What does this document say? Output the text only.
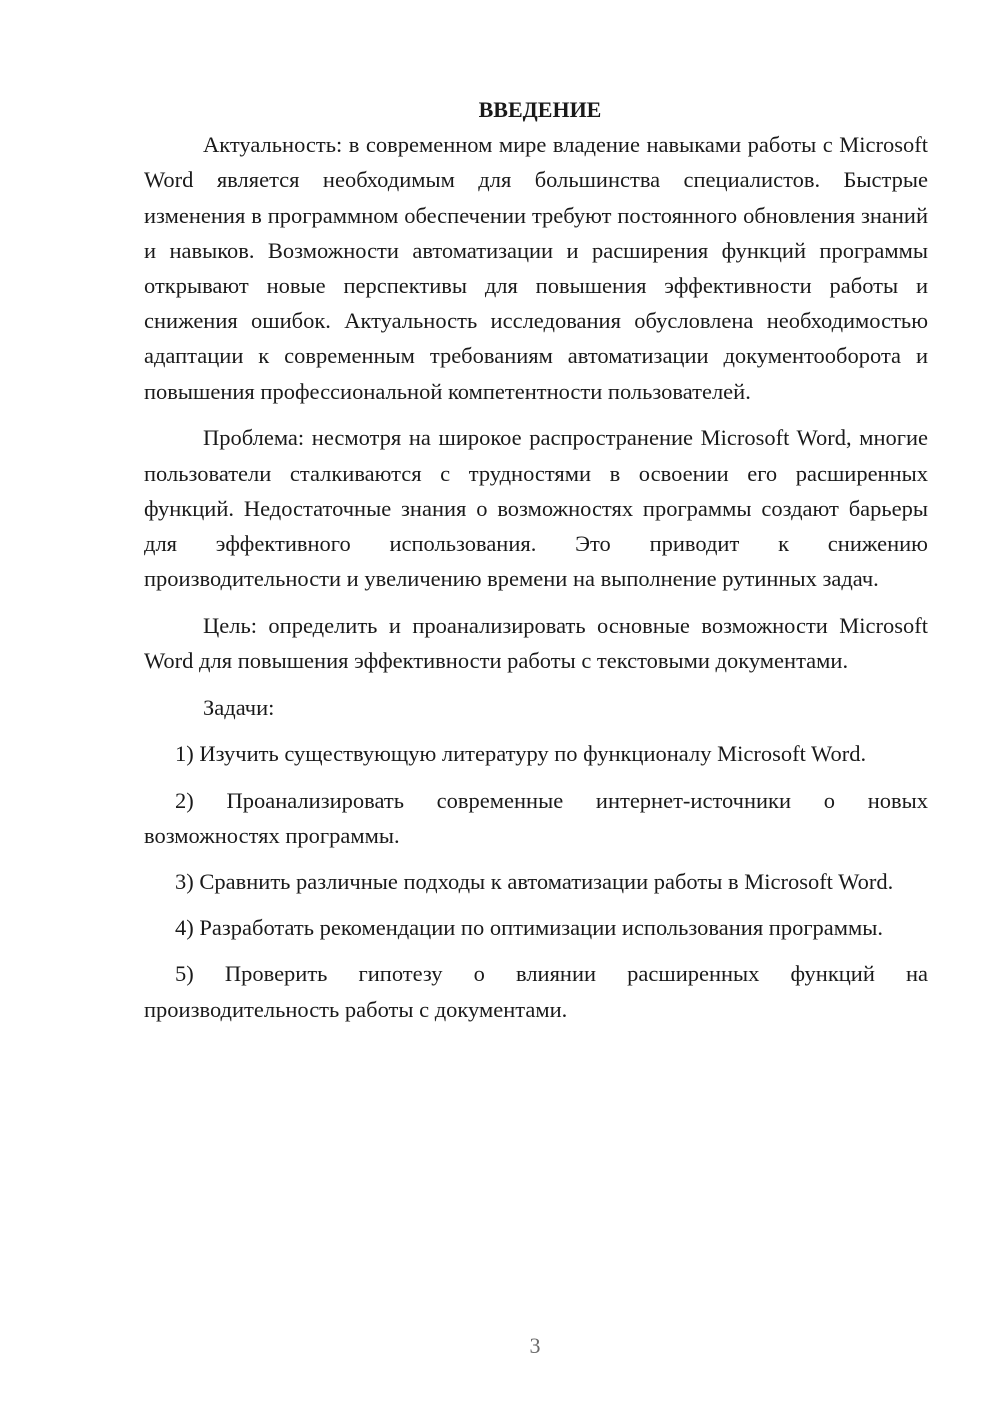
ВВЕДЕНИЕ

Актуальность: в современном мире владение навыками работы с Microsoft Word является необходимым для большинства специалистов. Быстрые изменения в программном обеспечении требуют постоянного обновления знаний и навыков. Возможности автоматизации и расширения функций программы открывают новые перспективы для повышения эффективности работы и снижения ошибок. Актуальность исследования обусловлена необходимостью адаптации к современным требованиям автоматизации документооборота и повышения профессиональной компетентности пользователей.

Проблема: несмотря на широкое распространение Microsoft Word, многие пользователи сталкиваются с трудностями в освоении его расширенных функций. Недостаточные знания о возможностях программы создают барьеры для эффективного использования. Это приводит к снижению производительности и увеличению времени на выполнение рутинных задач.

Цель: определить и проанализировать основные возможности Microsoft Word для повышения эффективности работы с текстовыми документами.

Задачи:

1) Изучить существующую литературу по функционалу Microsoft Word.

2) Проанализировать современные интернет-источники о новых возможностях программы.

3) Сравнить различные подходы к автоматизации работы в Microsoft Word.

4) Разработать рекомендации по оптимизации использования программы.

5) Проверить гипотезу о влиянии расширенных функций на производительность работы с документами.

3
